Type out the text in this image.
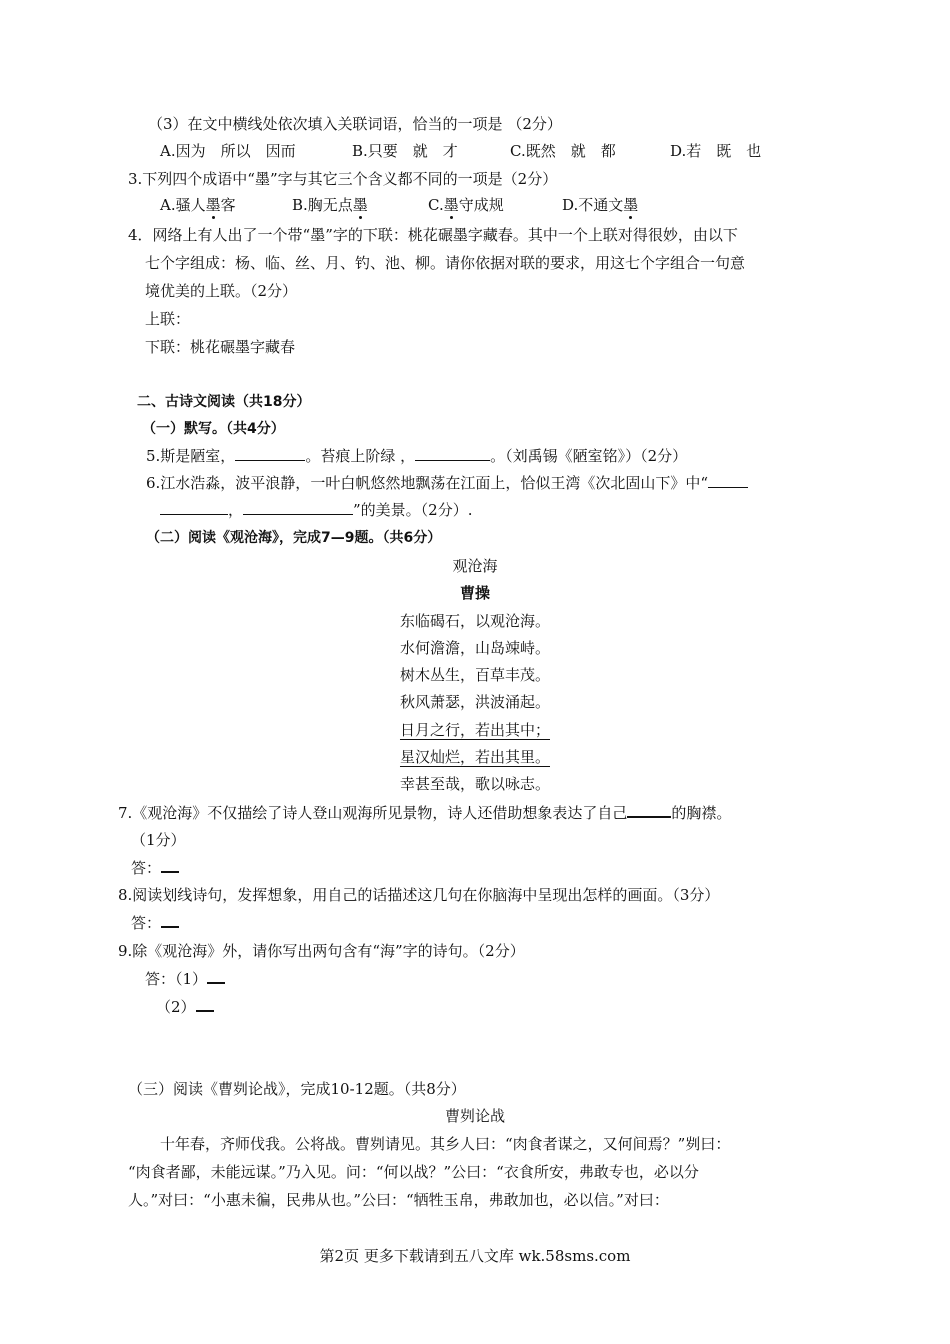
（3）在文中横线处依次填入关联词语，恰当的一项是 （2分）
A.因为　所以　因而	B.只要　就　才	C.既然　就　都	D.若　既　也
3.下列四个成语中“墨”字与其它三个含义都不同的一项是（2分）
A.骚人墨客	B.胸无点墨	C.墨守成规	D.不通文墨
4．网络上有人出了一个带“墨”字的下联：桃花碾墨字藏春。其中一个上联对得很妙，由以下
七个字组成：杨、临、丝、月、钓、池、柳。请你依据对联的要求，用这七个字组合一句意
境优美的上联。（2分）
上联：
下联：桃花碾墨字藏春
二、古诗文阅读（共18分）
（一）默写。（共4分）
5.斯是陋室，	。苔痕上阶绿 ，	。（刘禹锡《陋室铭》）（2分）
6.江水浩淼，波平浪静，一叶白帆悠然地飘荡在江面上，恰似王湾《次北固山下》中“
，	”的美景。（2分）.
（二）阅读《观沧海》，完成7—9题。（共6分）
观沧海
曹操
东临碣石，以观沧海。
水何澹澹，山岛竦峙。
树木丛生，百草丰茂。
秋风萧瑟，洪波涌起。
日月之行，若出其中；
星汉灿烂，若出其里。
幸甚至哉，歌以咏志。
7.《观沧海》不仅描绘了诗人登山观海所见景物，诗人还借助想象表达了自己	的胸襟。
（1分）
答：
8.阅读划线诗句，发挥想象，用自己的话描述这几句在你脑海中呈现出怎样的画面。（3分）
答：
9.除《观沧海》外，请你写出两句含有“海”字的诗句。（2分）
答：（1）
（2）
（三）阅读《曹刿论战》，完成10-12题。（共8分）
曹刿论战
十年春，齐师伐我。公将战。曹刿请见。其乡人曰：“肉食者谋之，又何间焉？”刿曰：
“肉食者鄙，未能远谋。”乃入见。问：“何以战？”公曰：“衣食所安，弗敢专也，必以分
人。”对曰：“小惠未徧，民弗从也。”公曰：“牺牲玉帛，弗敢加也，必以信。”对曰：
第2页 更多下载请到五八文库 wk.58sms.com
